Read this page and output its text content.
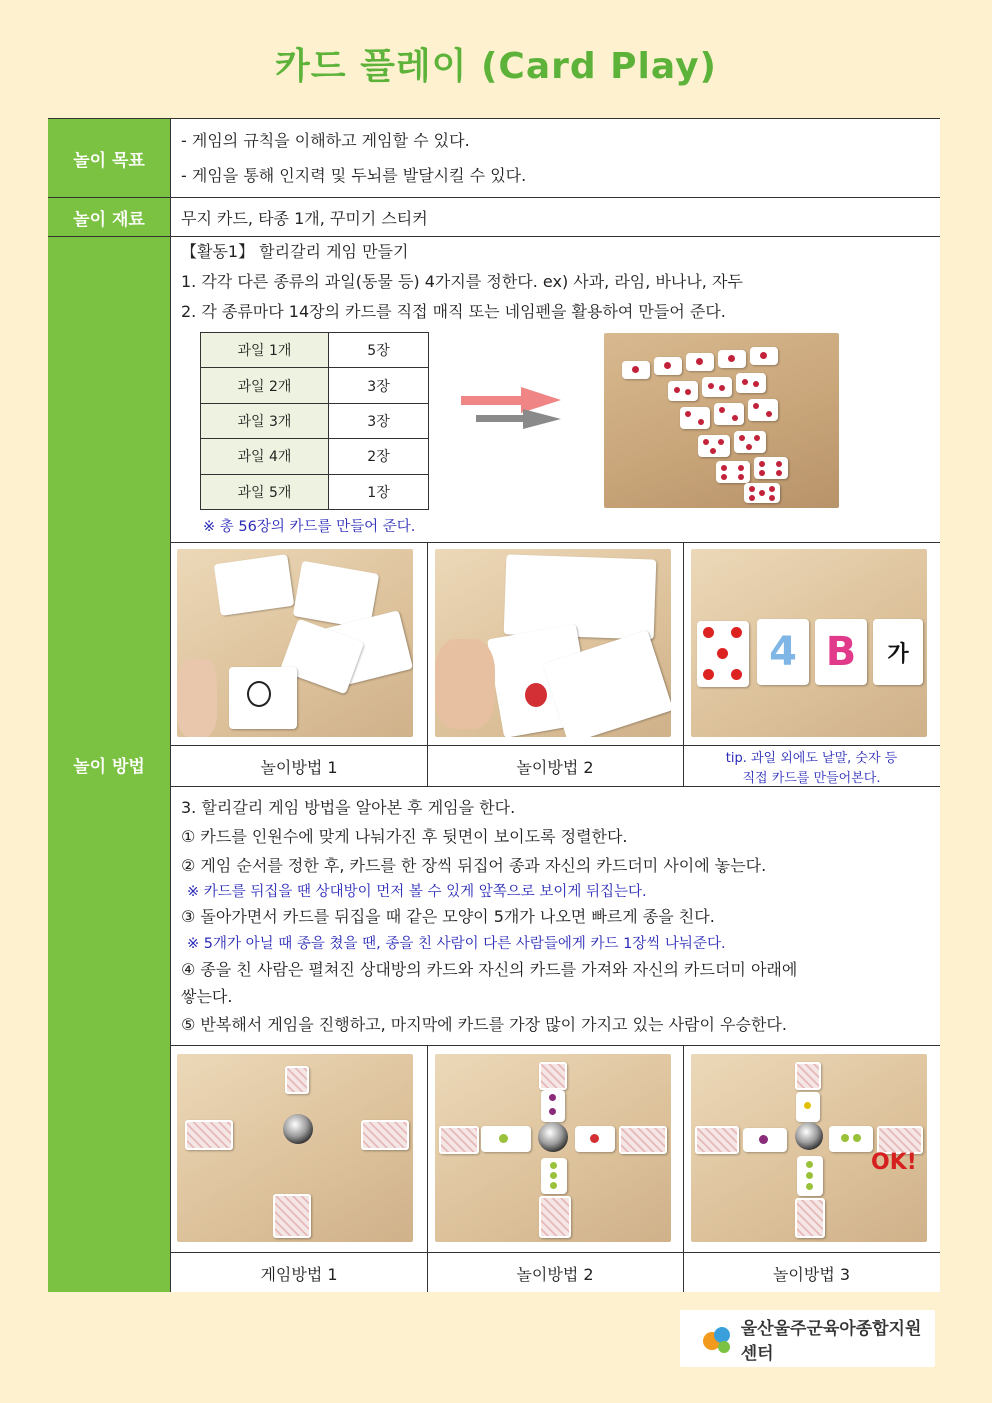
카드 플레이 (Card Play)
놀이 목표
- 게임의 규칙을 이해하고 게임할 수 있다.
- 게임을 통해 인지력 및 두뇌를 발달시킬 수 있다.
놀이 재료	무지 카드, 타종 1개, 꾸미기 스티커
놀이 방법
【활동1】 할리갈리 게임 만들기
1. 각각 다른 종류의 과일(동물 등) 4가지를 정한다. ex) 사과, 라임, 바나나, 자두
2. 각 종류마다 14장의 카드를 직접 매직 또는 네임펜을 활용하여 만들어 준다.
과일 1개	5장
과일 2개	3장
과일 3개	3장
과일 4개	2장
과일 5개	1장
※ 총 56장의 카드를 만들어 준다.
4 B	가
놀이방법 1	놀이방법 2	tip. 과일 외에도 낱말, 숫자 등
직접 카드를 만들어본다.
3. 할리갈리 게임 방법을 알아본 후 게임을 한다.
① 카드를 인원수에 맞게 나눠가진 후 뒷면이 보이도록 정렬한다.
② 게임 순서를 정한 후, 카드를 한 장씩 뒤집어 종과 자신의 카드더미 사이에 놓는다.
※ 카드를 뒤집을 땐 상대방이 먼저 볼 수 있게 앞쪽으로 보이게 뒤집는다.
③ 돌아가면서 카드를 뒤집을 때 같은 모양이 5개가 나오면 빠르게 종을 친다.
※ 5개가 아닐 때 종을 쳤을 땐, 종을 친 사람이 다른 사람들에게 카드 1장씩 나눠준다.
④ 종을 친 사람은 펼쳐진 상대방의 카드와 자신의 카드를 가져와 자신의 카드더미 아래에
쌓는다.
⑤ 반복해서 게임을 진행하고, 마지막에 카드를 가장 많이 가지고 있는 사람이 우승한다.
OK!
게임방법 1	놀이방법 2	놀이방법 3
울산울주군육아종합지원센터
